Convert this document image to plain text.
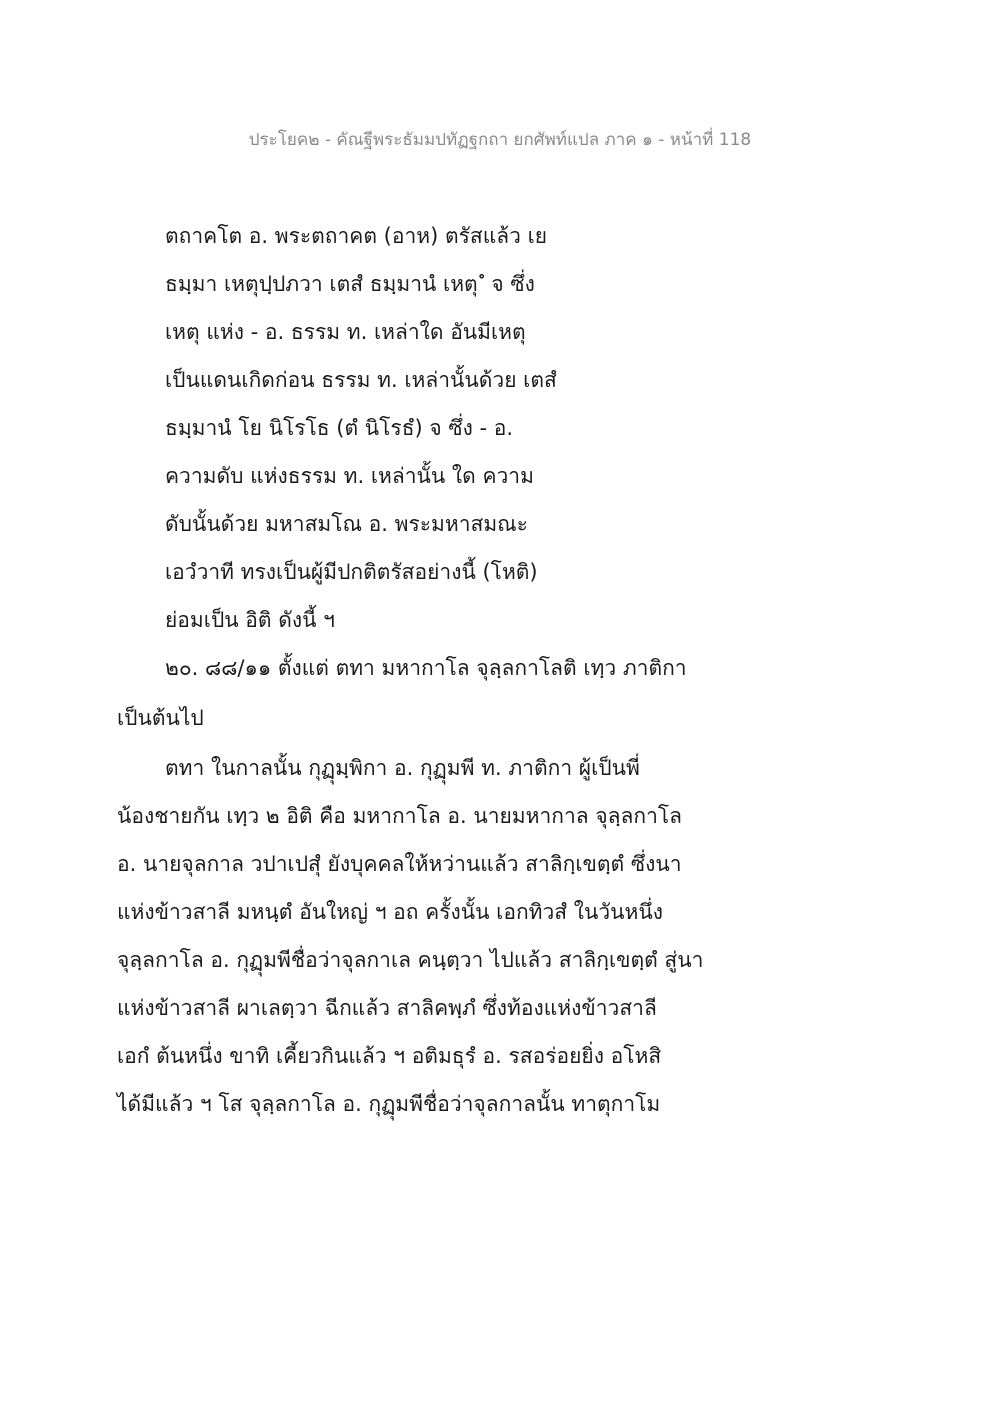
ประโยค๒ - คัณฐีพระธัมมปทัฏฐกถา ยกศัพท์แปล ภาค ๑ - หน้าที่ 118
ตถาคโต อ. พระตถาคต (อาห) ตรัสแล้ว เย
ธมฺมา เหตุปฺปภวา เตสํ ธมฺมานํ เหตุ ํ จ ซึ่ง
เหตุ แห่ง - อ. ธรรม ท. เหล่าใด อันมีเหตุ
เป็นแดนเกิดก่อน ธรรม ท. เหล่านั้นด้วย เตสํ
ธมฺมานํ โย นิโรโธ (ตํ นิโรธํ) จ ซึ่ง - อ.
ความดับ แห่งธรรม ท. เหล่านั้น ใด ความ
ดับนั้นด้วย มหาสมโณ อ. พระมหาสมณะ
เอวํวาที ทรงเป็นผู้มีปกติตรัสอย่างนี้ (โหติ)
ย่อมเป็น อิติ ดังนี้ ฯ
๒๐. ๘๘/๑๑ ตั้งแต่ ตทา มหากาโล จุลฺลกาโลติ เทฺว ภาติกา
เป็นต้นไป
ตทา ในกาลนั้น กุฏุมฺพิกา อ. กุฏุมพี ท. ภาติกา ผู้เป็นพี่
น้องชายกัน เทฺว ๒ อิติ คือ มหากาโล อ. นายมหากาล จุลฺลกาโล
อ. นายจุลกาล วปาเปสุํ ยังบุคคลให้หว่านแล้ว สาลิกฺเขตฺตํ ซึ่งนา
แห่งข้าวสาลี มหนฺตํ อันใหญ่ ฯ อถ ครั้งนั้น เอกทิวสํ ในวันหนึ่ง
จุลฺลกาโล อ. กุฏุมพีชื่อว่าจุลกาเล คนฺตฺวา ไปแล้ว สาลิกฺเขตฺตํ สู่นา
แห่งข้าวสาลี ผาเลตฺวา ฉีกแล้ว สาลิคพฺภํ ซึ่งท้องแห่งข้าวสาลี
เอกํ ต้นหนึ่ง ขาทิ เคี้ยวกินแล้ว ฯ อติมธุรํ อ. รสอร่อยยิ่ง อโหสิ
ได้มีแล้ว ฯ โส จุลฺลกาโล อ. กุฏุมพีชื่อว่าจุลกาลนั้น ทาตุกาโม
